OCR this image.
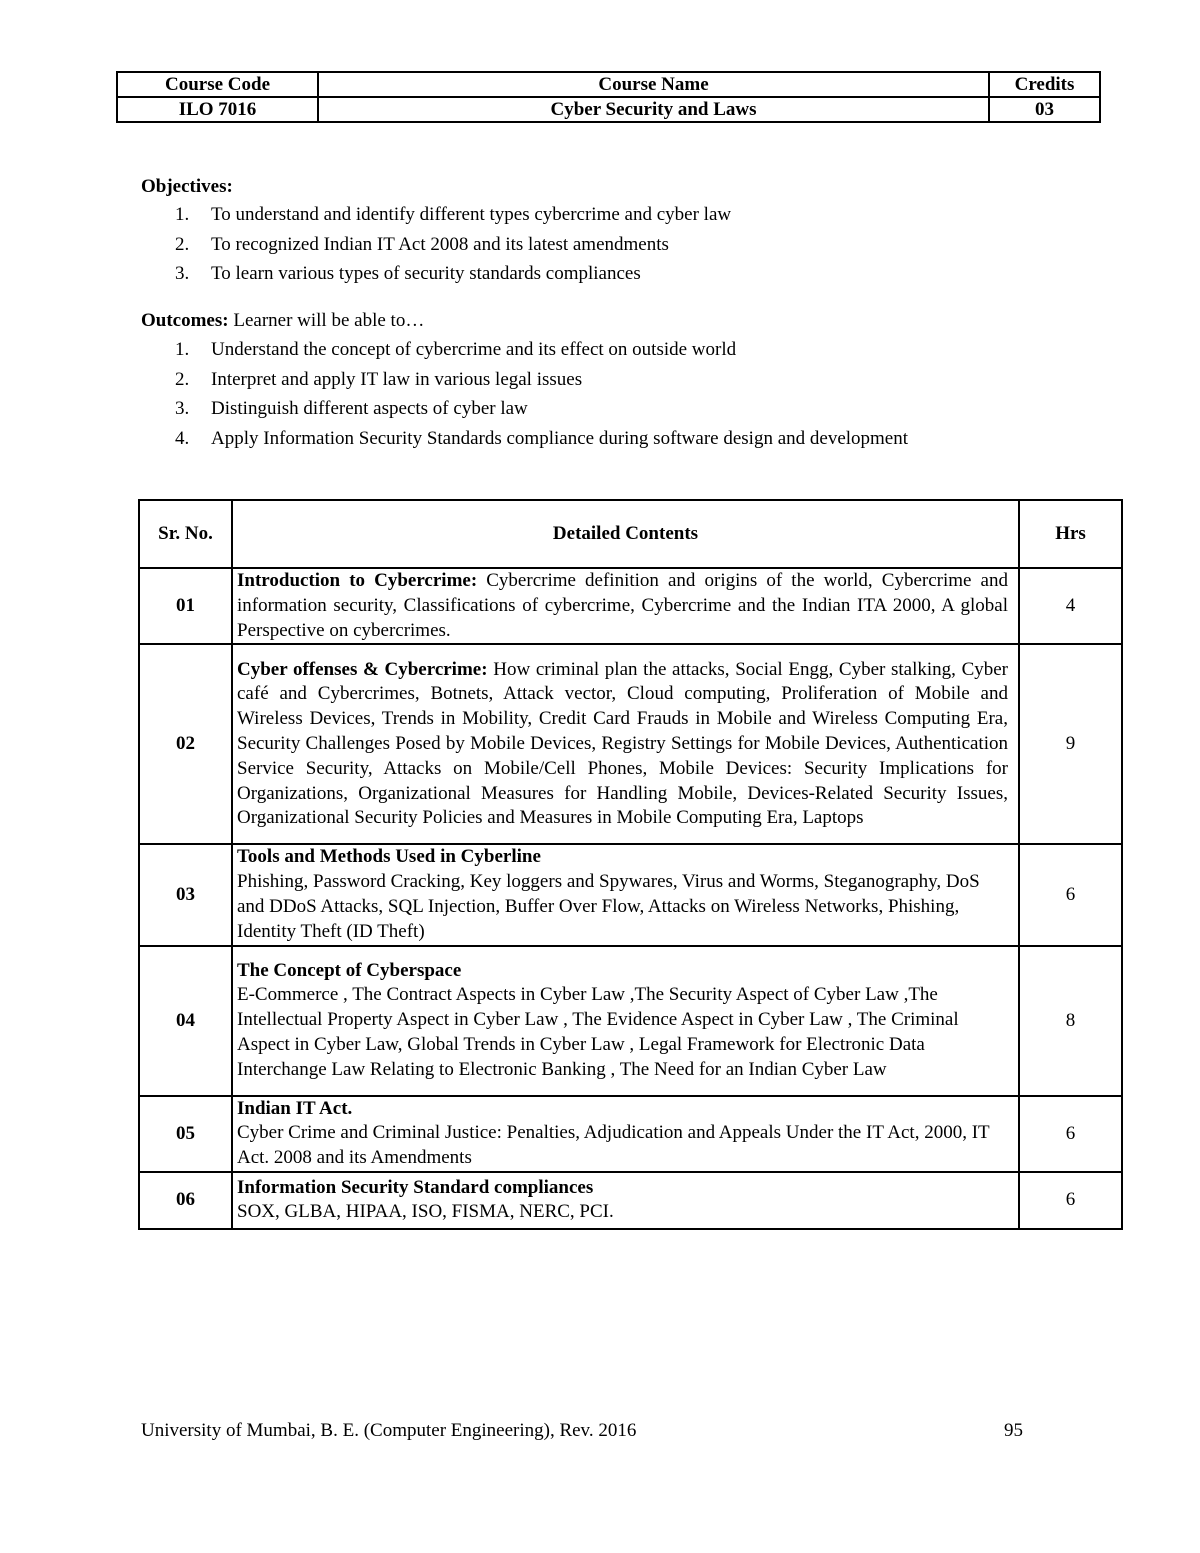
Course Code	Course Name	Credits
ILO 7016	Cyber Security and Laws	03
Objectives:
1. To understand and identify different types cybercrime and cyber law
2. To recognized Indian IT Act 2008 and its latest amendments
3. To learn various types of security standards compliances
Outcomes: Learner will be able to…
1. Understand the concept of cybercrime and its effect on outside world
2. Interpret and apply IT law in various legal issues
3. Distinguish different aspects of cyber law
4. Apply Information Security Standards compliance during software design and development
Sr. No.	Detailed Contents	Hrs
01	Introduction to Cybercrime: Cybercrime definition and origins of the world, Cybercrime and information security, Classifications of cybercrime, Cybercrime and the Indian ITA 2000, A global Perspective on cybercrimes.	4
02	Cyber offenses & Cybercrime: How criminal plan the attacks, Social Engg, Cyber stalking, Cyber café and Cybercrimes, Botnets, Attack vector, Cloud computing, Proliferation of Mobile and Wireless Devices, Trends in Mobility, Credit Card Frauds in Mobile and Wireless Computing Era, Security Challenges Posed by Mobile Devices, Registry Settings for Mobile Devices, Authentication Service Security, Attacks on Mobile/Cell Phones, Mobile Devices: Security Implications for Organizations, Organizational Measures for Handling Mobile, Devices-Related Security Issues, Organizational Security Policies and Measures in Mobile Computing Era, Laptops	9
03	Tools and Methods Used in Cyberline
Phishing, Password Cracking, Key loggers and Spywares, Virus and Worms, Steganography, DoS and DDoS Attacks, SQL Injection, Buffer Over Flow, Attacks on Wireless Networks, Phishing, Identity Theft (ID Theft)	6
04	The Concept of Cyberspace
E-Commerce , The Contract Aspects in Cyber Law ,The Security Aspect of Cyber Law ,The Intellectual Property Aspect in Cyber Law , The Evidence Aspect in Cyber Law , The Criminal Aspect in Cyber Law, Global Trends in Cyber Law , Legal Framework for Electronic Data Interchange Law Relating to Electronic Banking , The Need for an Indian Cyber Law	8
05	Indian IT Act.
Cyber Crime and Criminal Justice: Penalties, Adjudication and Appeals Under the IT Act, 2000, IT Act. 2008 and its Amendments	6
06	Information Security Standard compliances
SOX, GLBA, HIPAA, ISO, FISMA, NERC, PCI.	6
University of Mumbai, B. E. (Computer Engineering), Rev. 2016	95
